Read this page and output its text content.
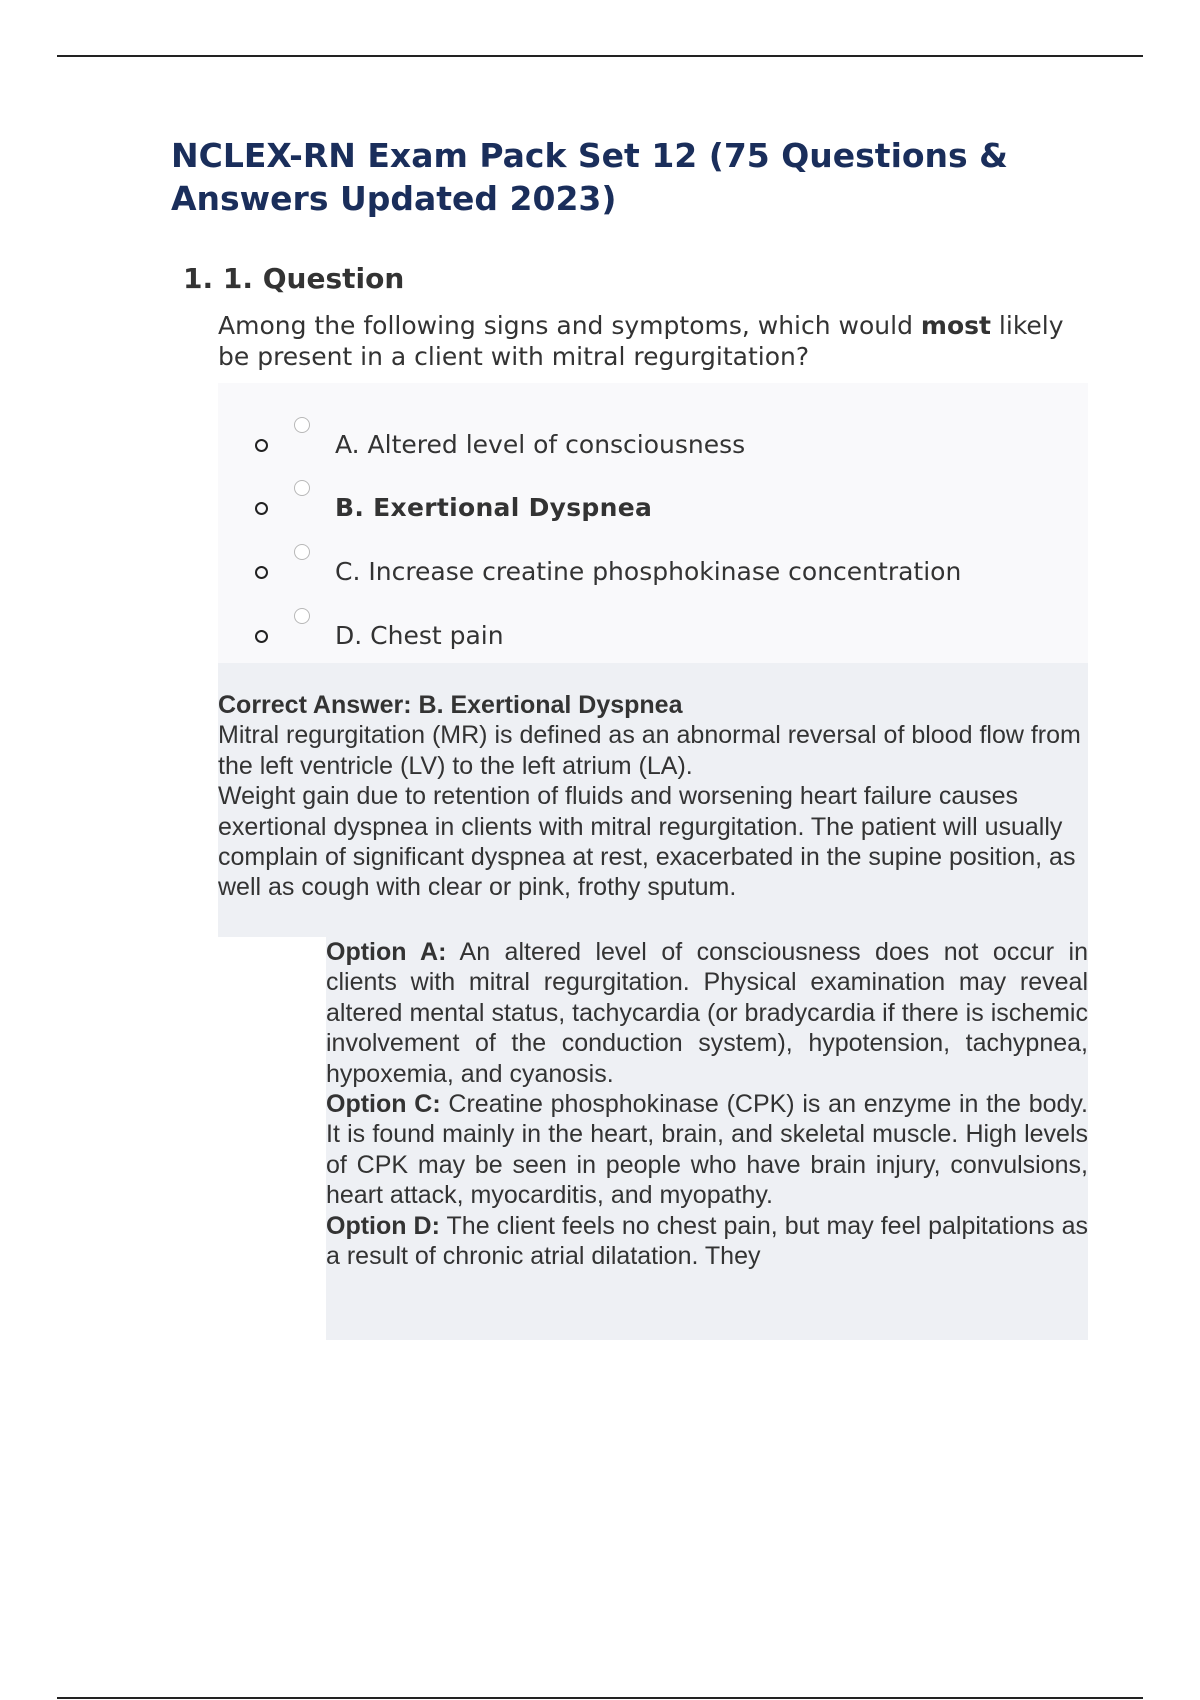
NCLEX-RN Exam Pack Set 12 (75 Questions & Answers Updated 2023)
1. 1. Question
Among the following signs and symptoms, which would most likely be present in a client with mitral regurgitation?
A. Altered level of consciousness
B. Exertional Dyspnea
C. Increase creatine phosphokinase concentration
D. Chest pain
Correct Answer: B. Exertional Dyspnea
Mitral regurgitation (MR) is defined as an abnormal reversal of blood flow from the left ventricle (LV) to the left atrium (LA).
Weight gain due to retention of fluids and worsening heart failure causes exertional dyspnea in clients with mitral regurgitation. The patient will usually complain of significant dyspnea at rest, exacerbated in the supine position, as well as cough with clear or pink, frothy sputum.

Option A: An altered level of consciousness does not occur in clients with mitral regurgitation. Physical examination may reveal altered mental status, tachycardia (or bradycardia if there is ischemic involvement of the conduction system), hypotension, tachypnea, hypoxemia, and cyanosis.

Option C: Creatine phosphokinase (CPK) is an enzyme in the body. It is found mainly in the heart, brain, and skeletal muscle. High levels of CPK may be seen in people who have brain injury, convulsions, heart attack, myocarditis, and myopathy.

Option D: The client feels no chest pain, but may feel palpitations as a result of chronic atrial dilatation. They
